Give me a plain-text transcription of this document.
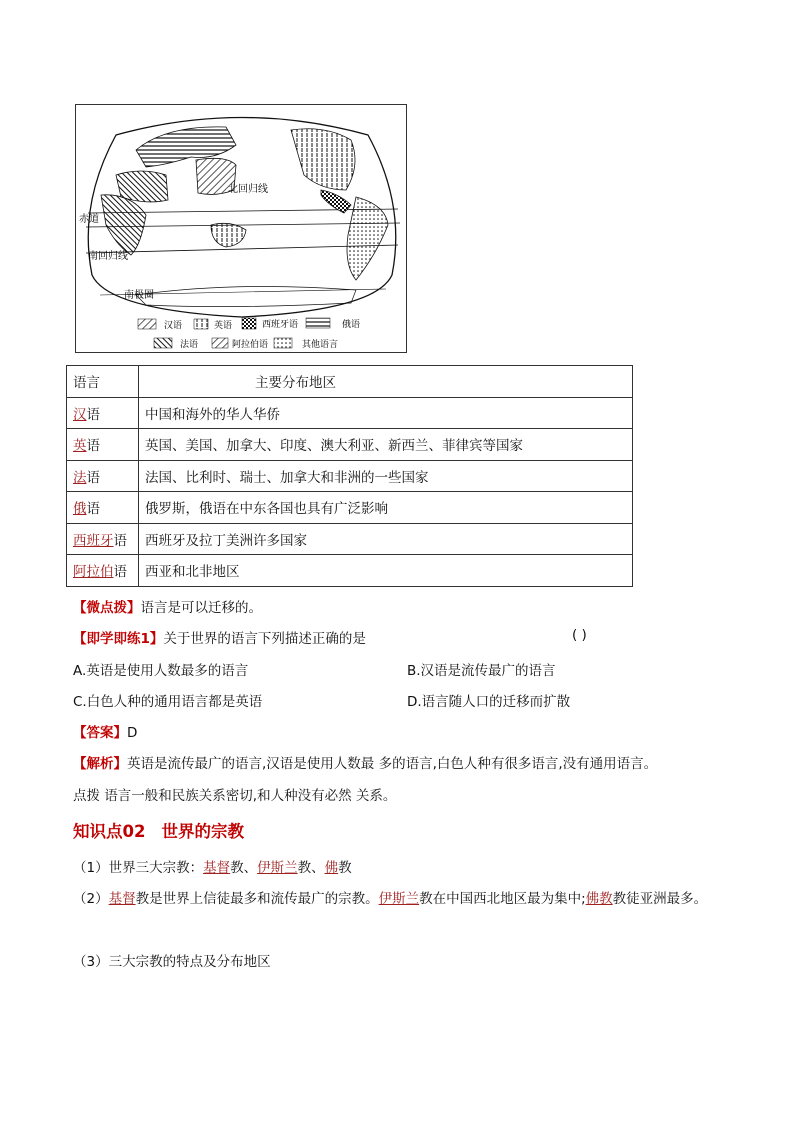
北回归线
赤道
南回归线
南极圈
汉语	英语	西班牙语	俄语
法语	阿拉伯语	其他语言
语言	主要分布地区
汉语	中国和海外的华人华侨
英语	英国、美国、加拿大、印度、澳大利亚、新西兰、菲律宾等国家
法语	法国、比利时、瑞士、加拿大和非洲的一些国家
俄语	俄罗斯，俄语在中东各国也具有广泛影响
西班牙语	西班牙及拉丁美洲许多国家
阿拉伯语	西亚和北非地区
【微点拨】语言是可以迁移的。
【即学即练1】关于世界的语言下列描述正确的是	( )
A.英语是使用人数最多的语言	B.汉语是流传最广的语言
C.白色人种的通用语言都是英语	D.语言随人口的迁移而扩散
【答案】D
【解析】英语是流传最广的语言,汉语是使用人数最 多的语言,白色人种有很多语言,没有通用语言。
点拨 语言一般和民族关系密切,和人种没有必然 关系。
知识点02 世界的宗教
（1）世界三大宗教：基督教、伊斯兰教、佛教
（2）基督教是世界上信徒最多和流传最广的宗教。伊斯兰教在中国西北地区最为集中;佛教教徒亚洲最多。
（3）三大宗教的特点及分布地区
